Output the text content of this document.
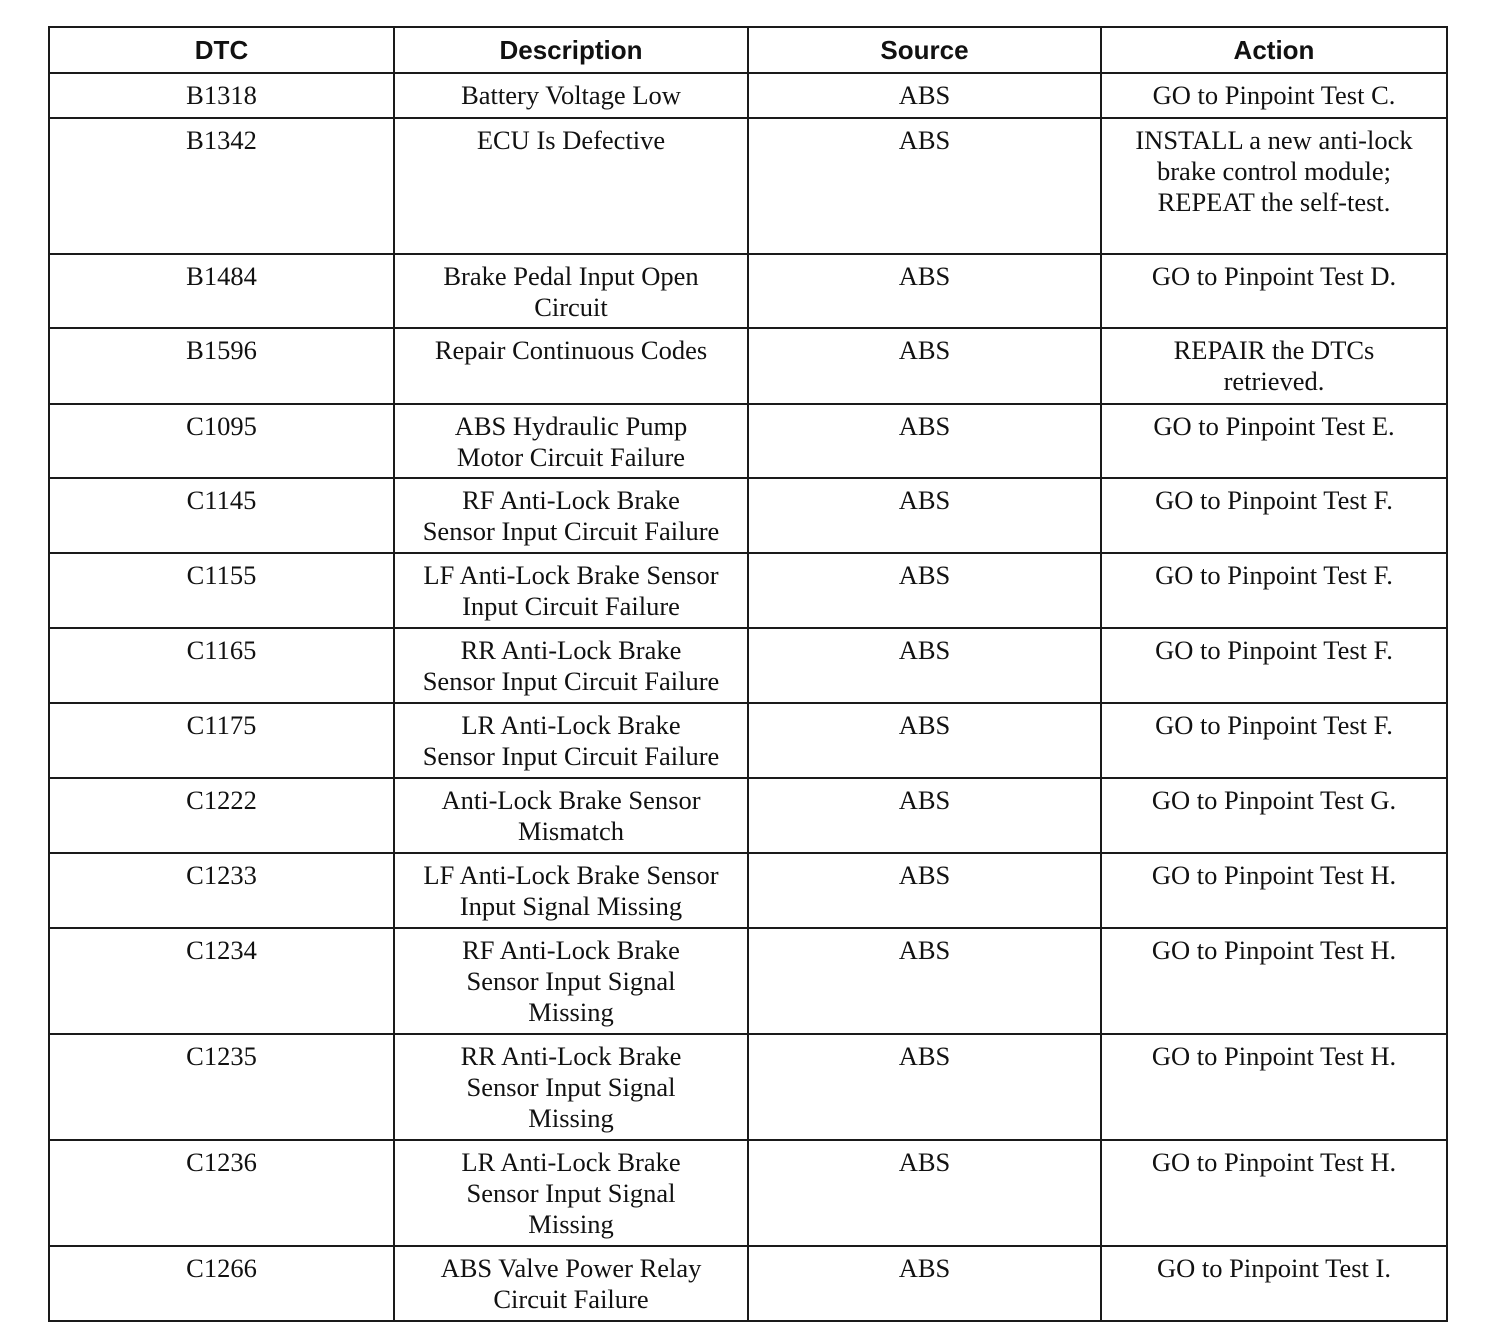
DTC	Description	Source	Action
B1318	Battery Voltage Low	ABS	GO to Pinpoint Test C.
B1342	ECU Is Defective	ABS	INSTALL a new anti-lock
brake control module;
REPEAT the self-test.
B1484	Brake Pedal Input Open
Circuit	ABS	GO to Pinpoint Test D.
B1596	Repair Continuous Codes	ABS	REPAIR the DTCs
retrieved.
C1095	ABS Hydraulic Pump
Motor Circuit Failure	ABS	GO to Pinpoint Test E.
C1145	RF Anti-Lock Brake
Sensor Input Circuit Failure	ABS	GO to Pinpoint Test F.
C1155	LF Anti-Lock Brake Sensor
Input Circuit Failure	ABS	GO to Pinpoint Test F.
C1165	RR Anti-Lock Brake
Sensor Input Circuit Failure	ABS	GO to Pinpoint Test F.
C1175	LR Anti-Lock Brake
Sensor Input Circuit Failure	ABS	GO to Pinpoint Test F.
C1222	Anti-Lock Brake Sensor
Mismatch	ABS	GO to Pinpoint Test G.
C1233	LF Anti-Lock Brake Sensor
Input Signal Missing	ABS	GO to Pinpoint Test H.
C1234	RF Anti-Lock Brake
Sensor Input Signal
Missing	ABS	GO to Pinpoint Test H.
C1235	RR Anti-Lock Brake
Sensor Input Signal
Missing	ABS	GO to Pinpoint Test H.
C1236	LR Anti-Lock Brake
Sensor Input Signal
Missing	ABS	GO to Pinpoint Test H.
C1266	ABS Valve Power Relay
Circuit Failure	ABS	GO to Pinpoint Test I.
